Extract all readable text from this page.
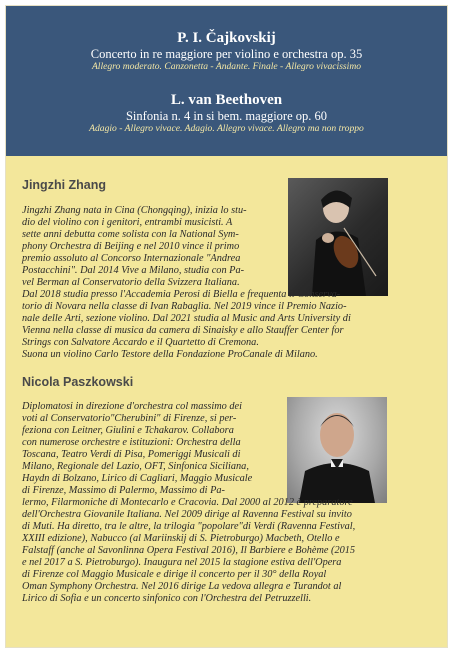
P. I. Čajkovskij
Concerto in re maggiore per violino e orchestra op. 35
Allegro moderato. Canzonetta - Andante. Finale - Allegro vivacissimo
L. van Beethoven
Sinfonia n. 4 in si bem. maggiore op. 60
Adagio - Allegro vivace. Adagio. Allegro vivace. Allegro ma non troppo
Jingzhi Zhang
Jingzhi Zhang nata in Cina (Chongqing), inizia lo stu-
dio del violino con i genitori, entrambi musicisti. A
sette anni debutta come solista con la National Sym-
phony Orchestra di Beijing e nel 2010 vince il primo
premio assoluto al Concorso Internazionale "Andrea
Postacchini". Dal 2014 Vive a Milano, studia con Pa-
vel Berman al Conservatorio della Svizzera Italiana.
Dal 2018 studia presso l'Accademia Perosi di Biella e frequenta il Conserva-
torio di Novara nella classe di Ivan Rabaglia. Nel 2019 vince il Premio Nazio-
nale delle Arti, sezione violino. Dal 2021 studia al Music and Arts University di
Vienna nella classe di musica da camera di Sinaisky e allo Stauffer Center for
Strings con Salvatore Accardo e il Quartetto di Cremona.
Suona un violino Carlo Testore della Fondazione ProCanale di Milano.
Nicola Paszkowski
Diplomatosi in direzione d'orchestra col massimo dei
voti al Conservatorio"Cherubini" di Firenze, si per-
feziona con Leitner, Giulini e Tchakarov. Collabora
con numerose orchestre e istituzioni: Orchestra della
Toscana, Teatro Verdi di Pisa, Pomeriggi Musicali di
Milano, Regionale del Lazio, OFT, Sinfonica Siciliana,
Haydn di Bolzano, Lirico di Cagliari, Maggio Musicale
di Firenze, Massimo di Palermo, Massimo di Pa-
lermo, Filarmoniche di Montecarlo e Cracovia. Dal 2000 al 2012 è preparatore
dell'Orchestra Giovanile Italiana. Nel 2009 dirige al Ravenna Festival su invito
di Muti. Ha diretto, tra le altre, la trilogia "popolare"di Verdi (Ravenna Festival,
XXIII edizione), Nabucco (al Mariinskij di S. Pietroburgo) Macbeth, Otello e
Falstaff (anche al Savonlinna Opera Festival 2016), Il Barbiere e Bohème (2015
e nel 2017 a S. Pietroburgo). Inaugura nel 2015 la stagione estiva dell'Opera
di Firenze col Maggio Musicale e dirige il concerto per il 30° della Royal
Oman Symphony Orchestra. Nel 2016 dirige La vedova allegra e Turandot al
Lirico di Sofia e un concerto sinfonico con l'Orchestra del Petruzzelli.
